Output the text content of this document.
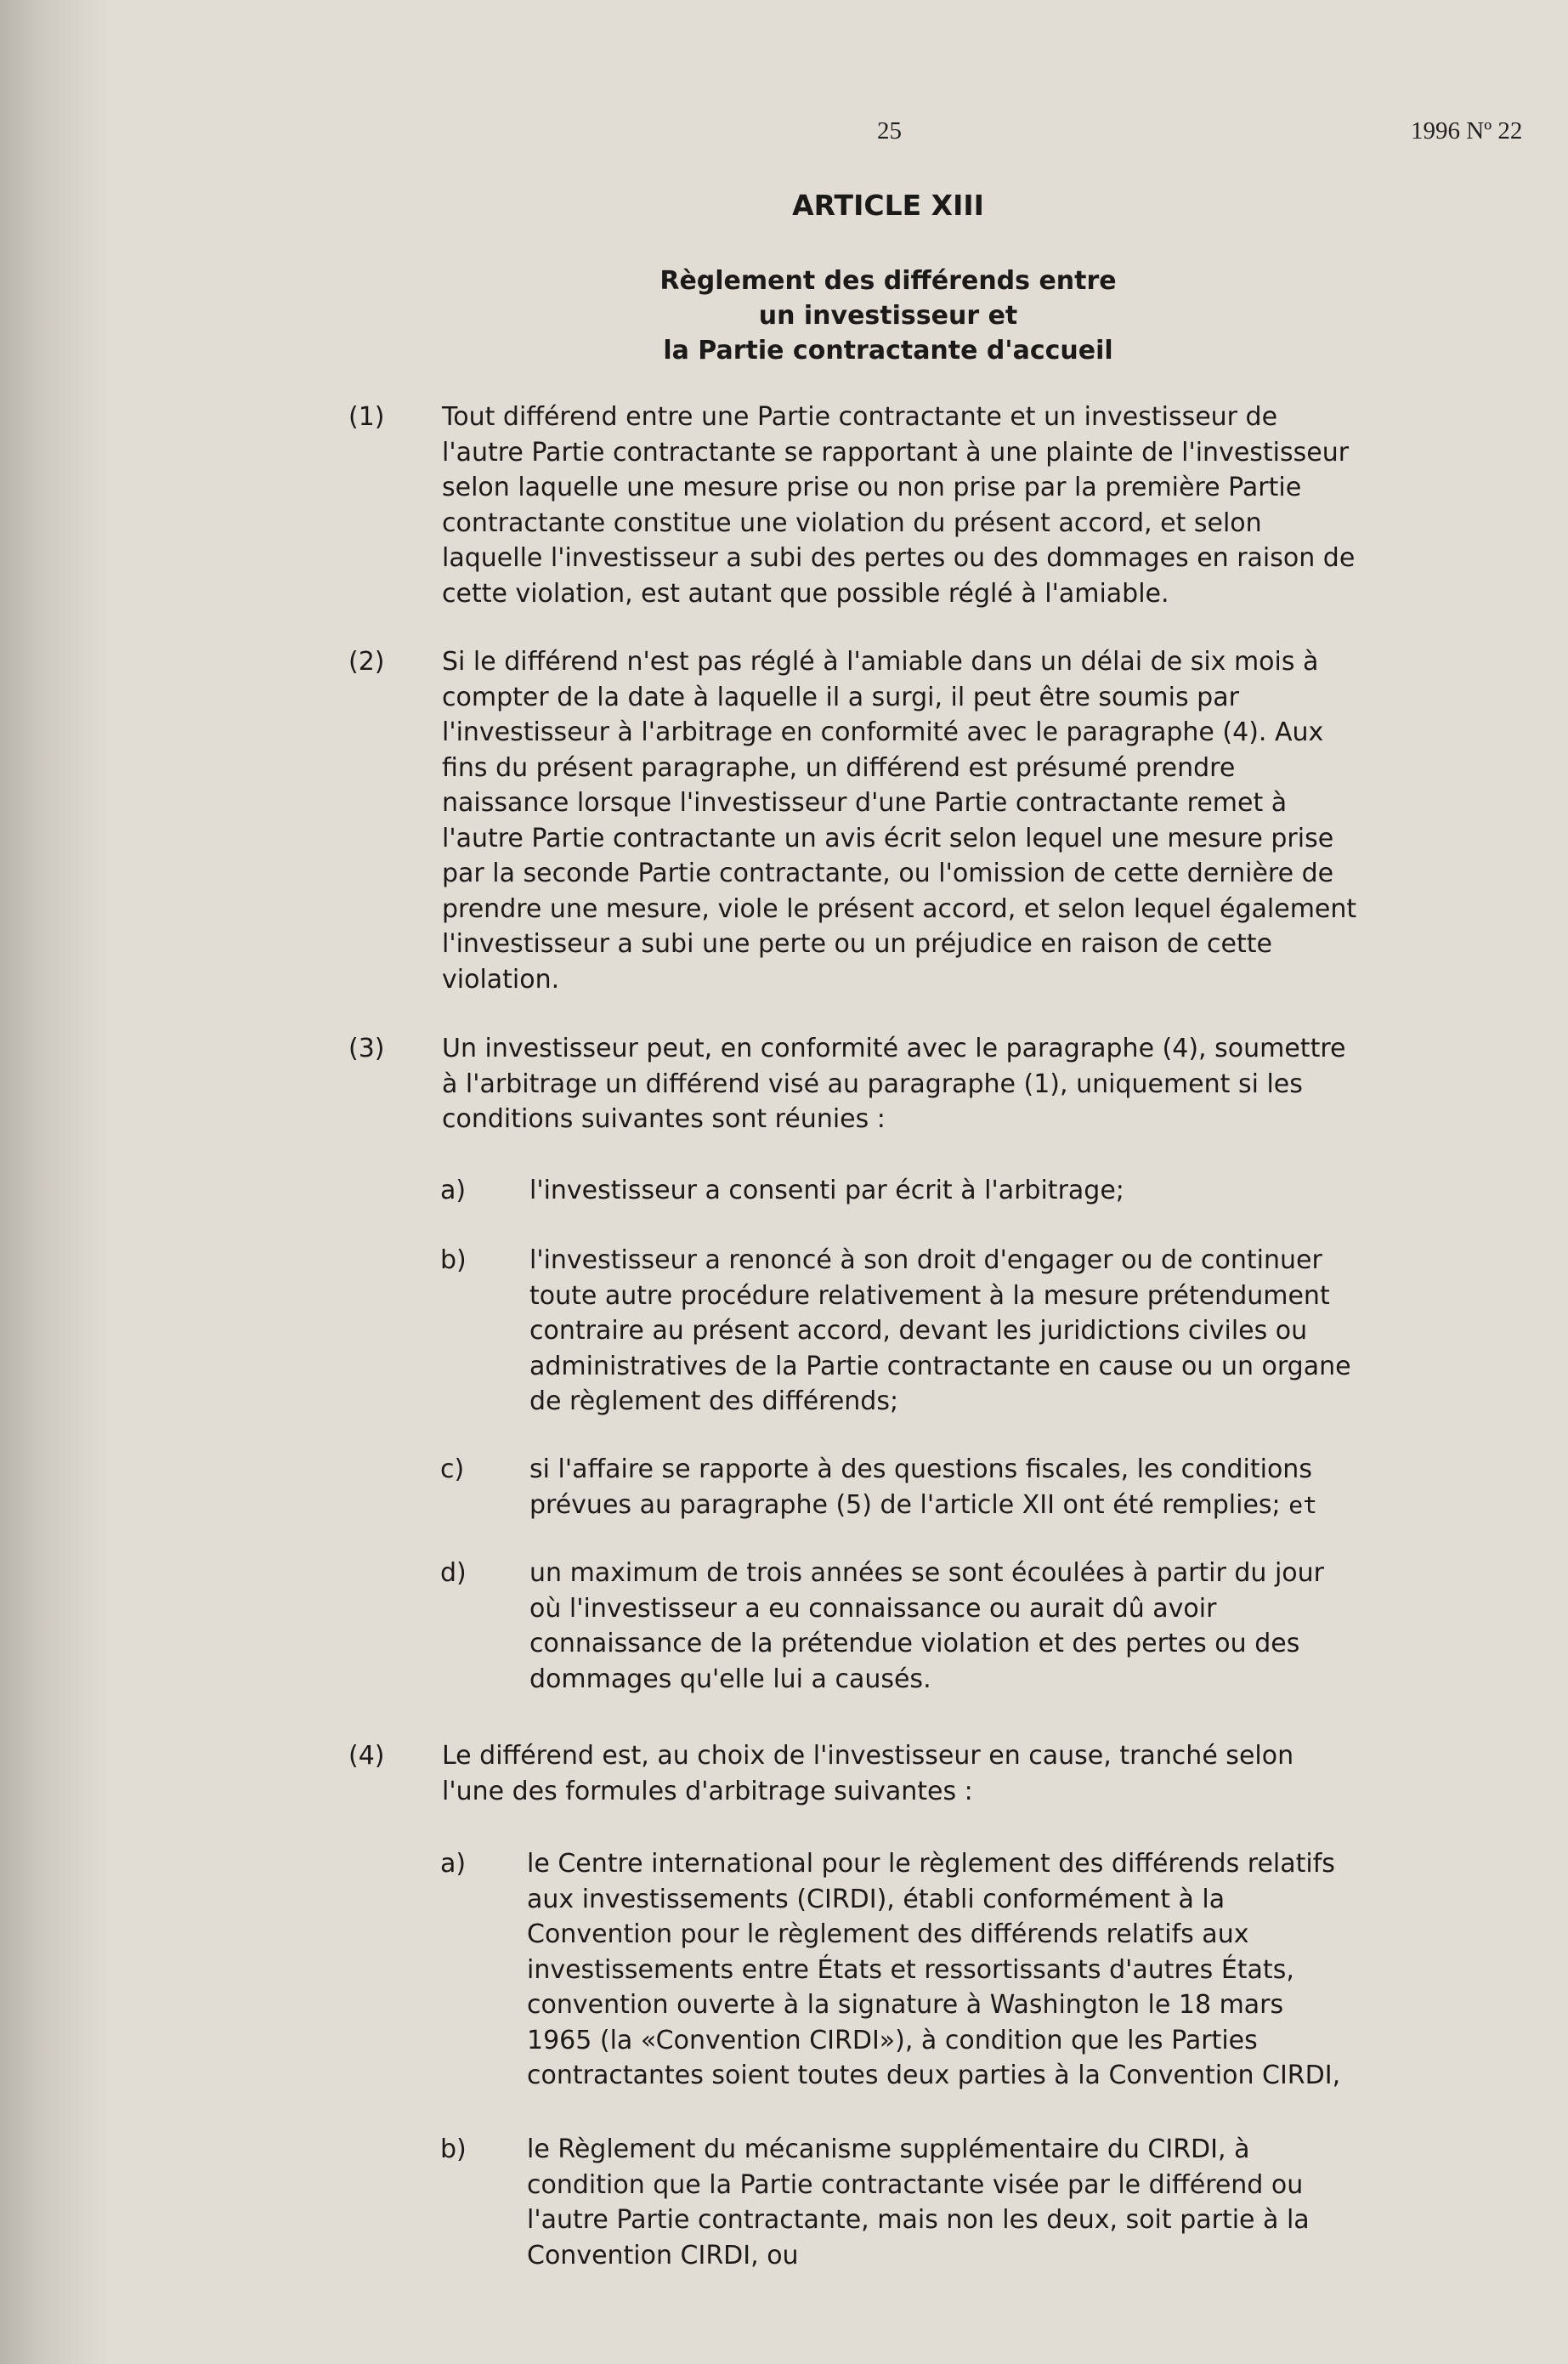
25	1996 Nº 22
ARTICLE XIII
Règlement des différends entre
un investisseur et
la Partie contractante d'accueil
(1) Tout différend entre une Partie contractante et un investisseur de
l'autre Partie contractante se rapportant à une plainte de l'investisseur
selon laquelle une mesure prise ou non prise par la première Partie
contractante constitue une violation du présent accord, et selon
laquelle l'investisseur a subi des pertes ou des dommages en raison de
cette violation, est autant que possible réglé à l'amiable.
(2) Si le différend n'est pas réglé à l'amiable dans un délai de six mois à
compter de la date à laquelle il a surgi, il peut être soumis par
l'investisseur à l'arbitrage en conformité avec le paragraphe (4). Aux
fins du présent paragraphe, un différend est présumé prendre
naissance lorsque l'investisseur d'une Partie contractante remet à
l'autre Partie contractante un avis écrit selon lequel une mesure prise
par la seconde Partie contractante, ou l'omission de cette dernière de
prendre une mesure, viole le présent accord, et selon lequel également
l'investisseur a subi une perte ou un préjudice en raison de cette
violation.
(3) Un investisseur peut, en conformité avec le paragraphe (4), soumettre
à l'arbitrage un différend visé au paragraphe (1), uniquement si les
conditions suivantes sont réunies :
a) l'investisseur a consenti par écrit à l'arbitrage;
b) l'investisseur a renoncé à son droit d'engager ou de continuer
toute autre procédure relativement à la mesure prétendument
contraire au présent accord, devant les juridictions civiles ou
administratives de la Partie contractante en cause ou un organe
de règlement des différends;
c)	si l'affaire se rapporte à des questions fiscales, les conditions
prévues au paragraphe (5) de l'article XII ont été remplies; et
d) un maximum de trois années se sont écoulées à partir du jour
où l'investisseur a eu connaissance ou aurait dû avoir
connaissance de la prétendue violation et des pertes ou des
dommages qu'elle lui a causés.
(4) Le différend est, au choix de l'investisseur en cause, tranché selon
l'une des formules d'arbitrage suivantes :
a) le Centre international pour le règlement des différends relatifs
aux investissements (CIRDI), établi conformément à la
Convention pour le règlement des différends relatifs aux
investissements entre États et ressortissants d'autres États,
convention ouverte à la signature à Washington le 18 mars
1965 (la «Convention CIRDI»), à condition que les Parties
contractantes soient toutes deux parties à la Convention CIRDI,
b) le Règlement du mécanisme supplémentaire du CIRDI, à
condition que la Partie contractante visée par le différend ou
l'autre Partie contractante, mais non les deux, soit partie à la
Convention CIRDI, ou
